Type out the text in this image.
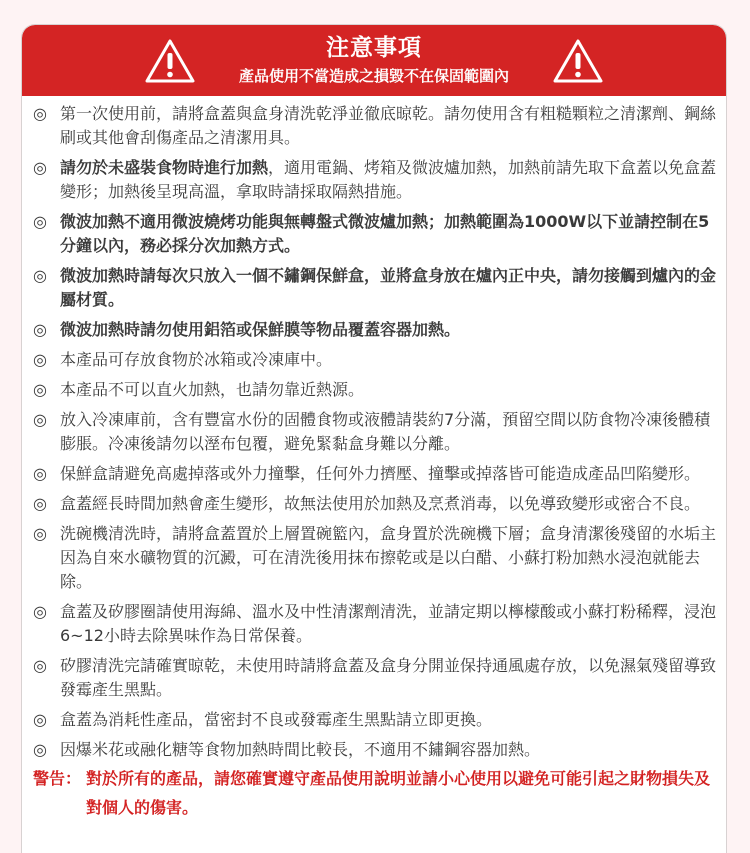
注意事項
產品使用不當造成之損毀不在保固範圍內
◎ 第一次使用前，請將盒蓋與盒身清洗乾淨並徹底晾乾。請勿使用含有粗糙顆粒之清潔劑、鋼絲刷或其他會刮傷產品之清潔用具。
◎ 請勿於未盛裝食物時進行加熱，適用電鍋、烤箱及微波爐加熱，加熱前請先取下盒蓋以免盒蓋變形；加熱後呈現高溫，拿取時請採取隔熱措施。
◎ 微波加熱不適用微波燒烤功能與無轉盤式微波爐加熱；加熱範圍為1000W以下並請控制在5分鐘以內，務必採分次加熱方式。
◎ 微波加熱時請每次只放入一個不鏽鋼保鮮盒，並將盒身放在爐內正中央，請勿接觸到爐內的金屬材質。
◎ 微波加熱時請勿使用鋁箔或保鮮膜等物品覆蓋容器加熱。
◎ 本產品可存放食物於冰箱或冷凍庫中。
◎ 本產品不可以直火加熱，也請勿靠近熱源。
◎ 放入冷凍庫前，含有豐富水份的固體食物或液體請裝約7分滿，預留空間以防食物冷凍後體積膨脹。冷凍後請勿以溼布包覆，避免緊黏盒身難以分離。
◎ 保鮮盒請避免高處掉落或外力撞擊，任何外力擠壓、撞擊或掉落皆可能造成產品凹陷變形。
◎ 盒蓋經長時間加熱會產生變形，故無法使用於加熱及烹煮消毒，以免導致變形或密合不良。
◎ 洗碗機清洗時，請將盒蓋置於上層置碗籃內，盒身置於洗碗機下層；盒身清潔後殘留的水垢主因為自來水礦物質的沉澱，可在清洗後用抹布擦乾或是以白醋、小蘇打粉加熱水浸泡就能去除。
◎ 盒蓋及矽膠圈請使用海綿、溫水及中性清潔劑清洗，並請定期以檸檬酸或小蘇打粉稀釋，浸泡6~12小時去除異味作為日常保養。
◎ 矽膠清洗完請確實晾乾，未使用時請將盒蓋及盒身分開並保持通風處存放，以免濕氣殘留導致發霉產生黑點。
◎ 盒蓋為消耗性產品，當密封不良或發霉產生黑點請立即更換。
◎ 因爆米花或融化糖等食物加熱時間比較長，不適用不鏽鋼容器加熱。
警告： 對於所有的產品，請您確實遵守產品使用說明並請小心使用以避免可能引起之財物損失及對個人的傷害。
